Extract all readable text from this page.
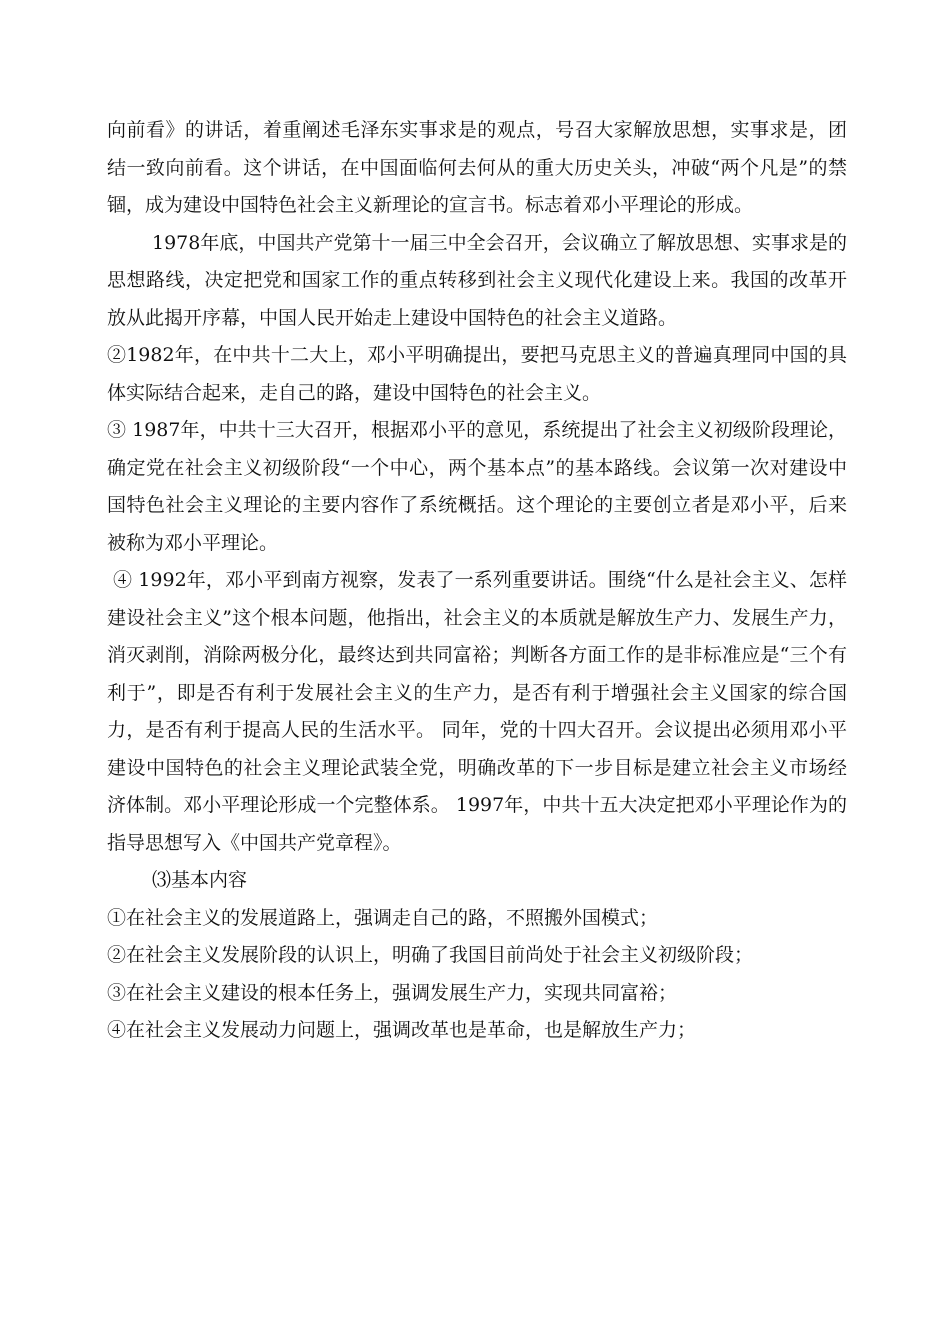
向前看》的讲话，着重阐述毛泽东实事求是的观点，号召大家解放思想，实事求是，团结一致向前看。这个讲话，在中国面临何去何从的重大历史关头，冲破“两个凡是”的禁锢，成为建设中国特色社会主义新理论的宣言书。标志着邓小平理论的形成。

1978年底，中国共产党第十一届三中全会召开，会议确立了解放思想、实事求是的思想路线，决定把党和国家工作的重点转移到社会主义现代化建设上来。我国的改革开放从此揭开序幕，中国人民开始走上建设中国特色的社会主义道路。

②1982年，在中共十二大上，邓小平明确提出，要把马克思主义的普遍真理同中国的具体实际结合起来，走自己的路，建设中国特色的社会主义。

③ 1987年，中共十三大召开，根据邓小平的意见，系统提出了社会主义初级阶段理论，确定党在社会主义初级阶段“一个中心，两个基本点”的基本路线。会议第一次对建设中国特色社会主义理论的主要内容作了系统概括。这个理论的主要创立者是邓小平，后来被称为邓小平理论。

④ 1992年，邓小平到南方视察，发表了一系列重要讲话。围绕“什么是社会主义、怎样建设社会主义”这个根本问题，他指出，社会主义的本质就是解放生产力、发展生产力，消灭剥削，消除两极分化，最终达到共同富裕；判断各方面工作的是非标准应是“三个有利于”，即是否有利于发展社会主义的生产力，是否有利于增强社会主义国家的综合国力，是否有利于提高人民的生活水平。 同年，党的十四大召开。会议提出必须用邓小平建设中国特色的社会主义理论武装全党，明确改革的下一步目标是建立社会主义市场经济体制。邓小平理论形成一个完整体系。 1997年，中共十五大决定把邓小平理论作为的指导思想写入《中国共产党章程》。

⑶基本内容

①在社会主义的发展道路上，强调走自己的路，不照搬外国模式；

②在社会主义发展阶段的认识上，明确了我国目前尚处于社会主义初级阶段；

③在社会主义建设的根本任务上，强调发展生产力，实现共同富裕；

④在社会主义发展动力问题上，强调改革也是革命，也是解放生产力；
